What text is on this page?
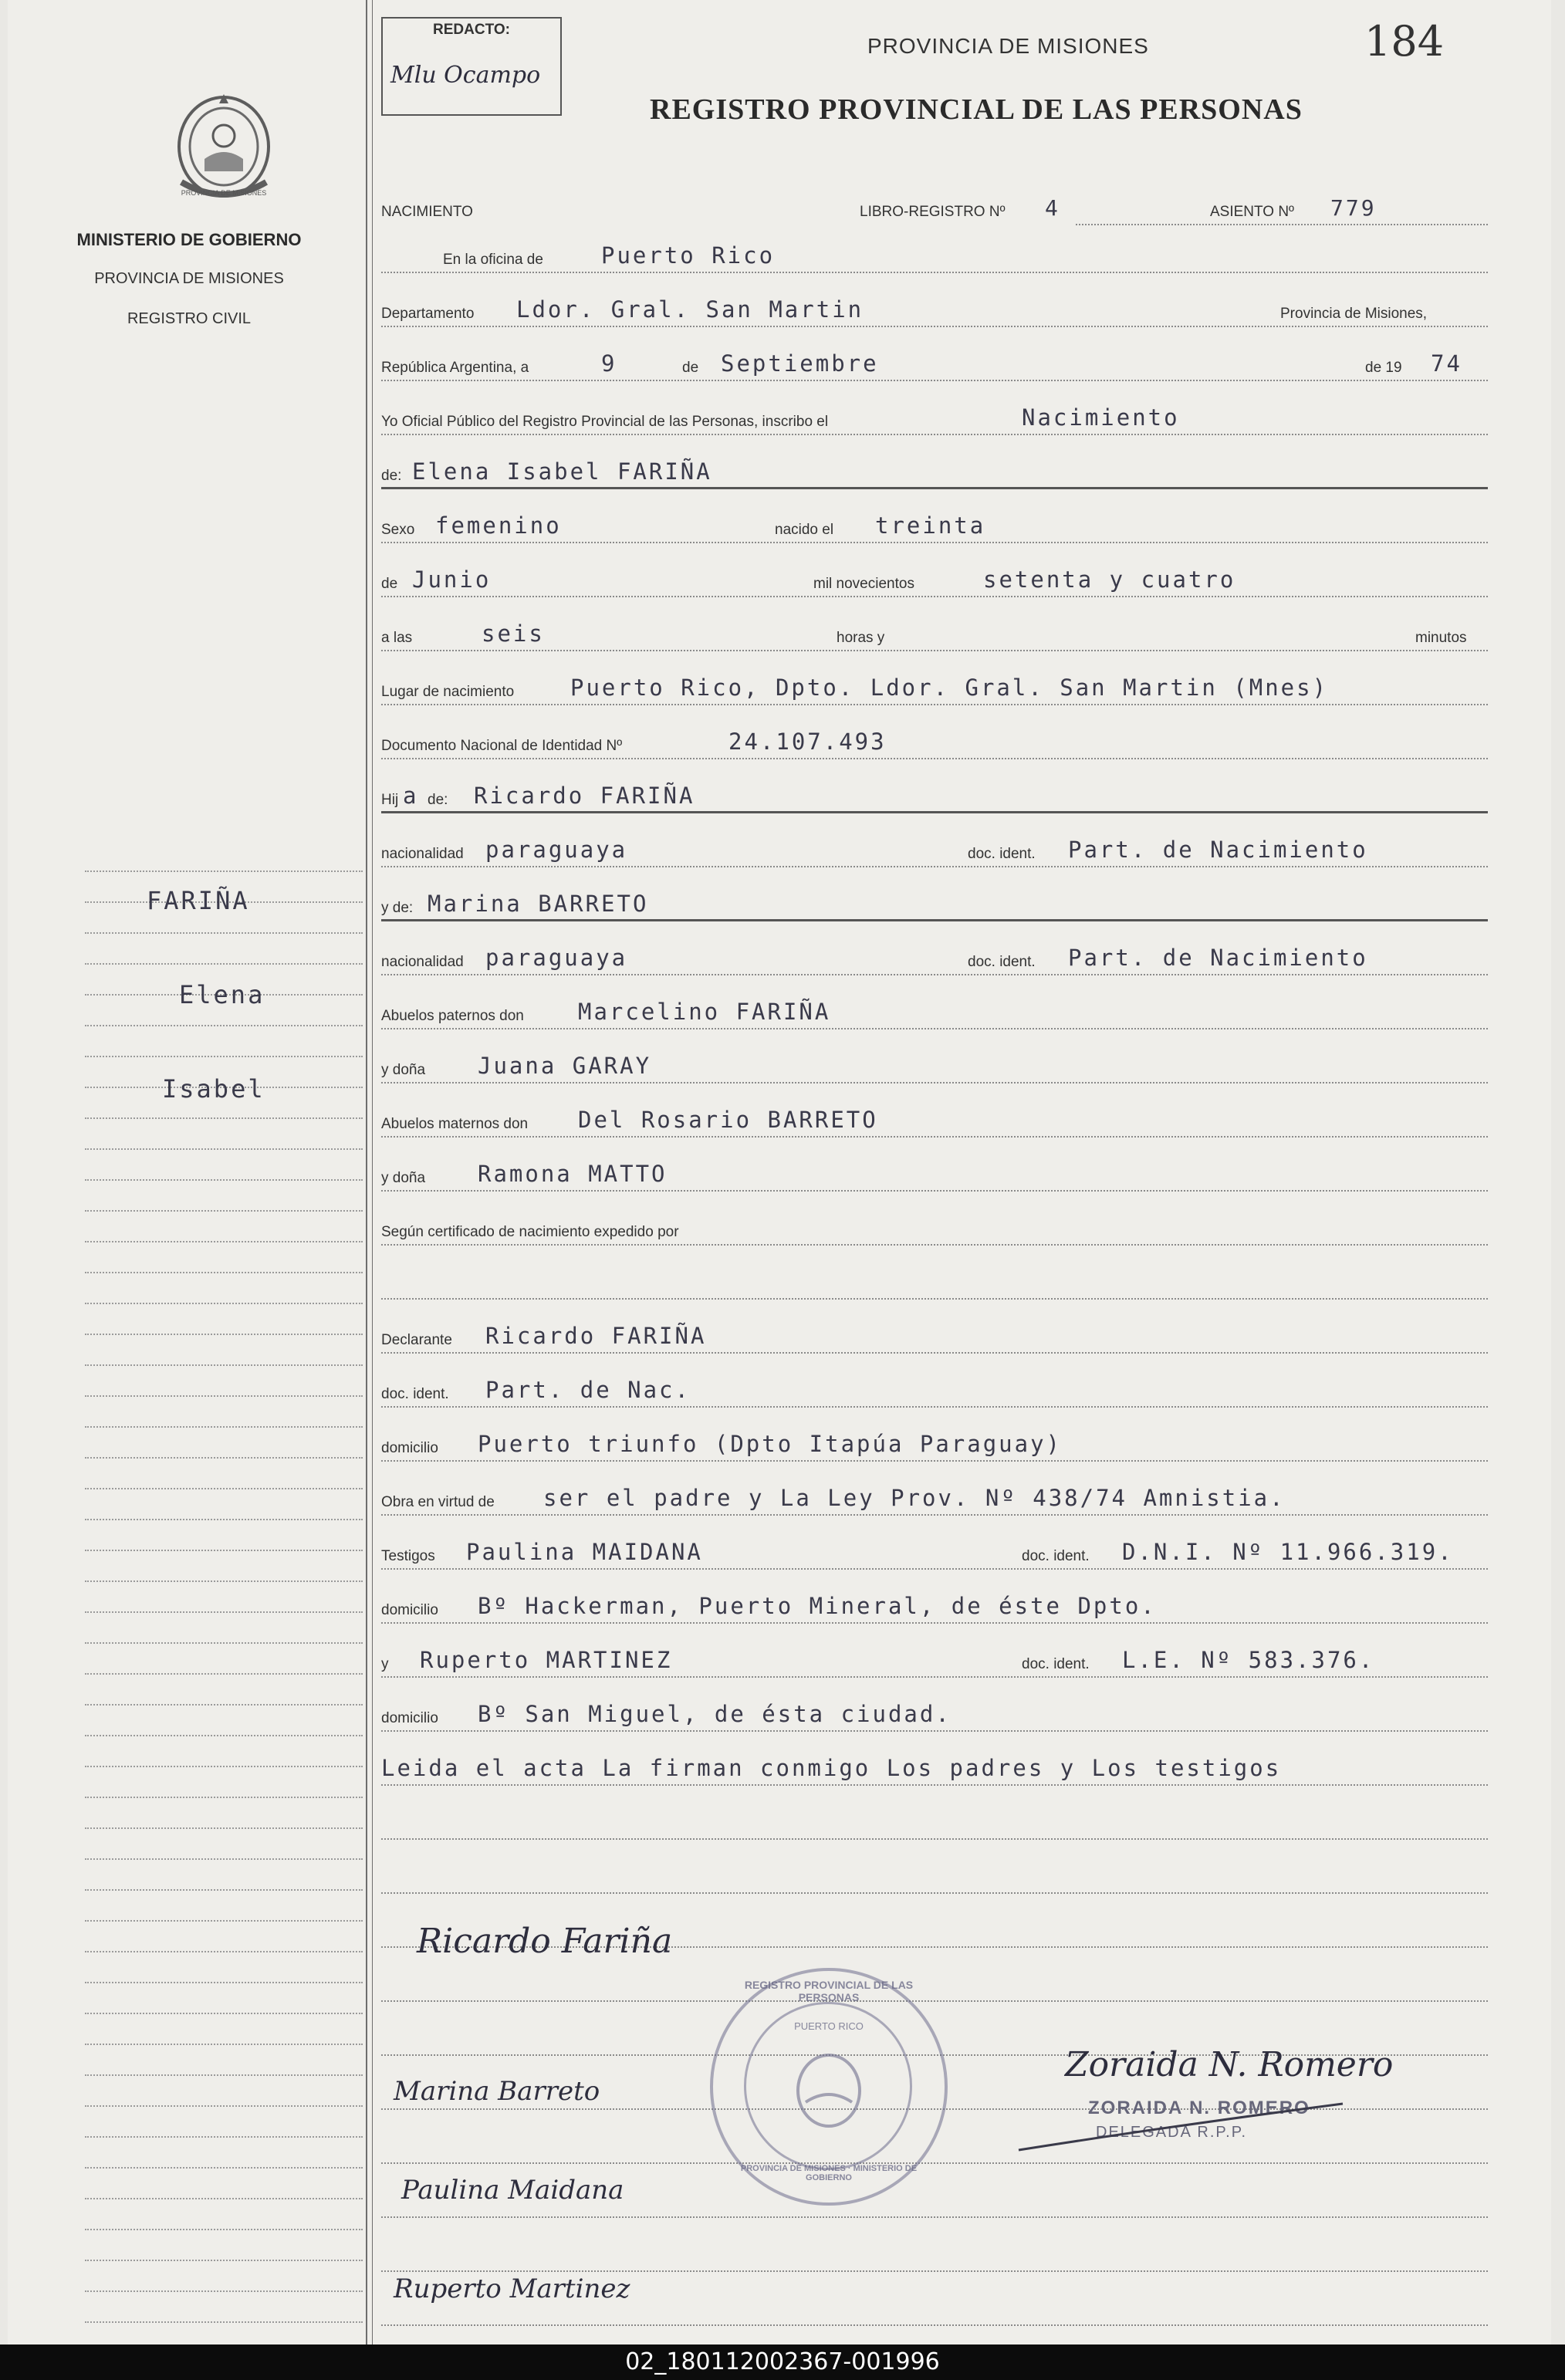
PROVINCIA DE MISIONES
MINISTERIO DE GOBIERNO
PROVINCIA DE MISIONES
REGISTRO CIVIL
FARIÑA
Elena
Isabel
REDACTO:
Mlu Ocampo
PROVINCIA DE MISIONES	184
REGISTRO PROVINCIAL DE LAS PERSONAS
NACIMIENTO	LIBRO-REGISTRO Nº 4	ASIENTO Nº 779
En la oficina de	Puerto Rico
Departamento Ldor. Gral. San Martin	Provincia de Misiones,
República Argentina, a	9	de Septiembre	de 19 74
Yo Oficial Público del Registro Provincial de las Personas, inscribo el	Nacimiento
de: Elena Isabel FARIÑA
Sexo femenino	nacido el treinta
de Junio	mil novecientos	setenta y cuatro
a las	seis	horas y	minutos
Lugar de nacimiento	Puerto Rico, Dpto. Ldor. Gral. San Martin (Mnes)
Documento Nacional de Identidad Nº	24.107.493
Hij a de: Ricardo FARIÑA
nacionalidad paraguaya	doc. ident. Part. de Nacimiento
y de: Marina BARRETO
nacionalidad paraguaya	doc. ident. Part. de Nacimiento
Abuelos paternos don Marcelino FARIÑA
y doña Juana GARAY
Abuelos maternos don Del Rosario BARRETO
y doña Ramona MATTO
Según certificado de nacimiento expedido por
Declarante Ricardo FARIÑA
doc. ident. Part. de Nac.
domicilio Puerto triunfo (Dpto Itapúa Paraguay)
Obra en virtud de ser el padre y La Ley Prov. Nº 438/74 Amnistia.
Testigos Paulina MAIDANA	doc. ident. D.N.I. Nº 11.966.319.
domicilio Bº Hackerman, Puerto Mineral, de éste Dpto.
y Ruperto MARTINEZ	doc. ident. L.E. Nº 583.376.
domicilio Bº San Miguel, de ésta ciudad.
Leida el acta La firman conmigo Los padres y Los testigos
Ricardo Fariña
Marina Barreto
Paulina Maidana
Ruperto Martinez
Zoraida N. Romero
ZORAIDA N. ROMERO
DELEGADA R.P.P.
REGISTRO PROVINCIAL DE LAS PERSONAS
PUERTO RICO
PROVINCIA DE MISIONES · MINISTERIO DE GOBIERNO
02_180112002367-001996
